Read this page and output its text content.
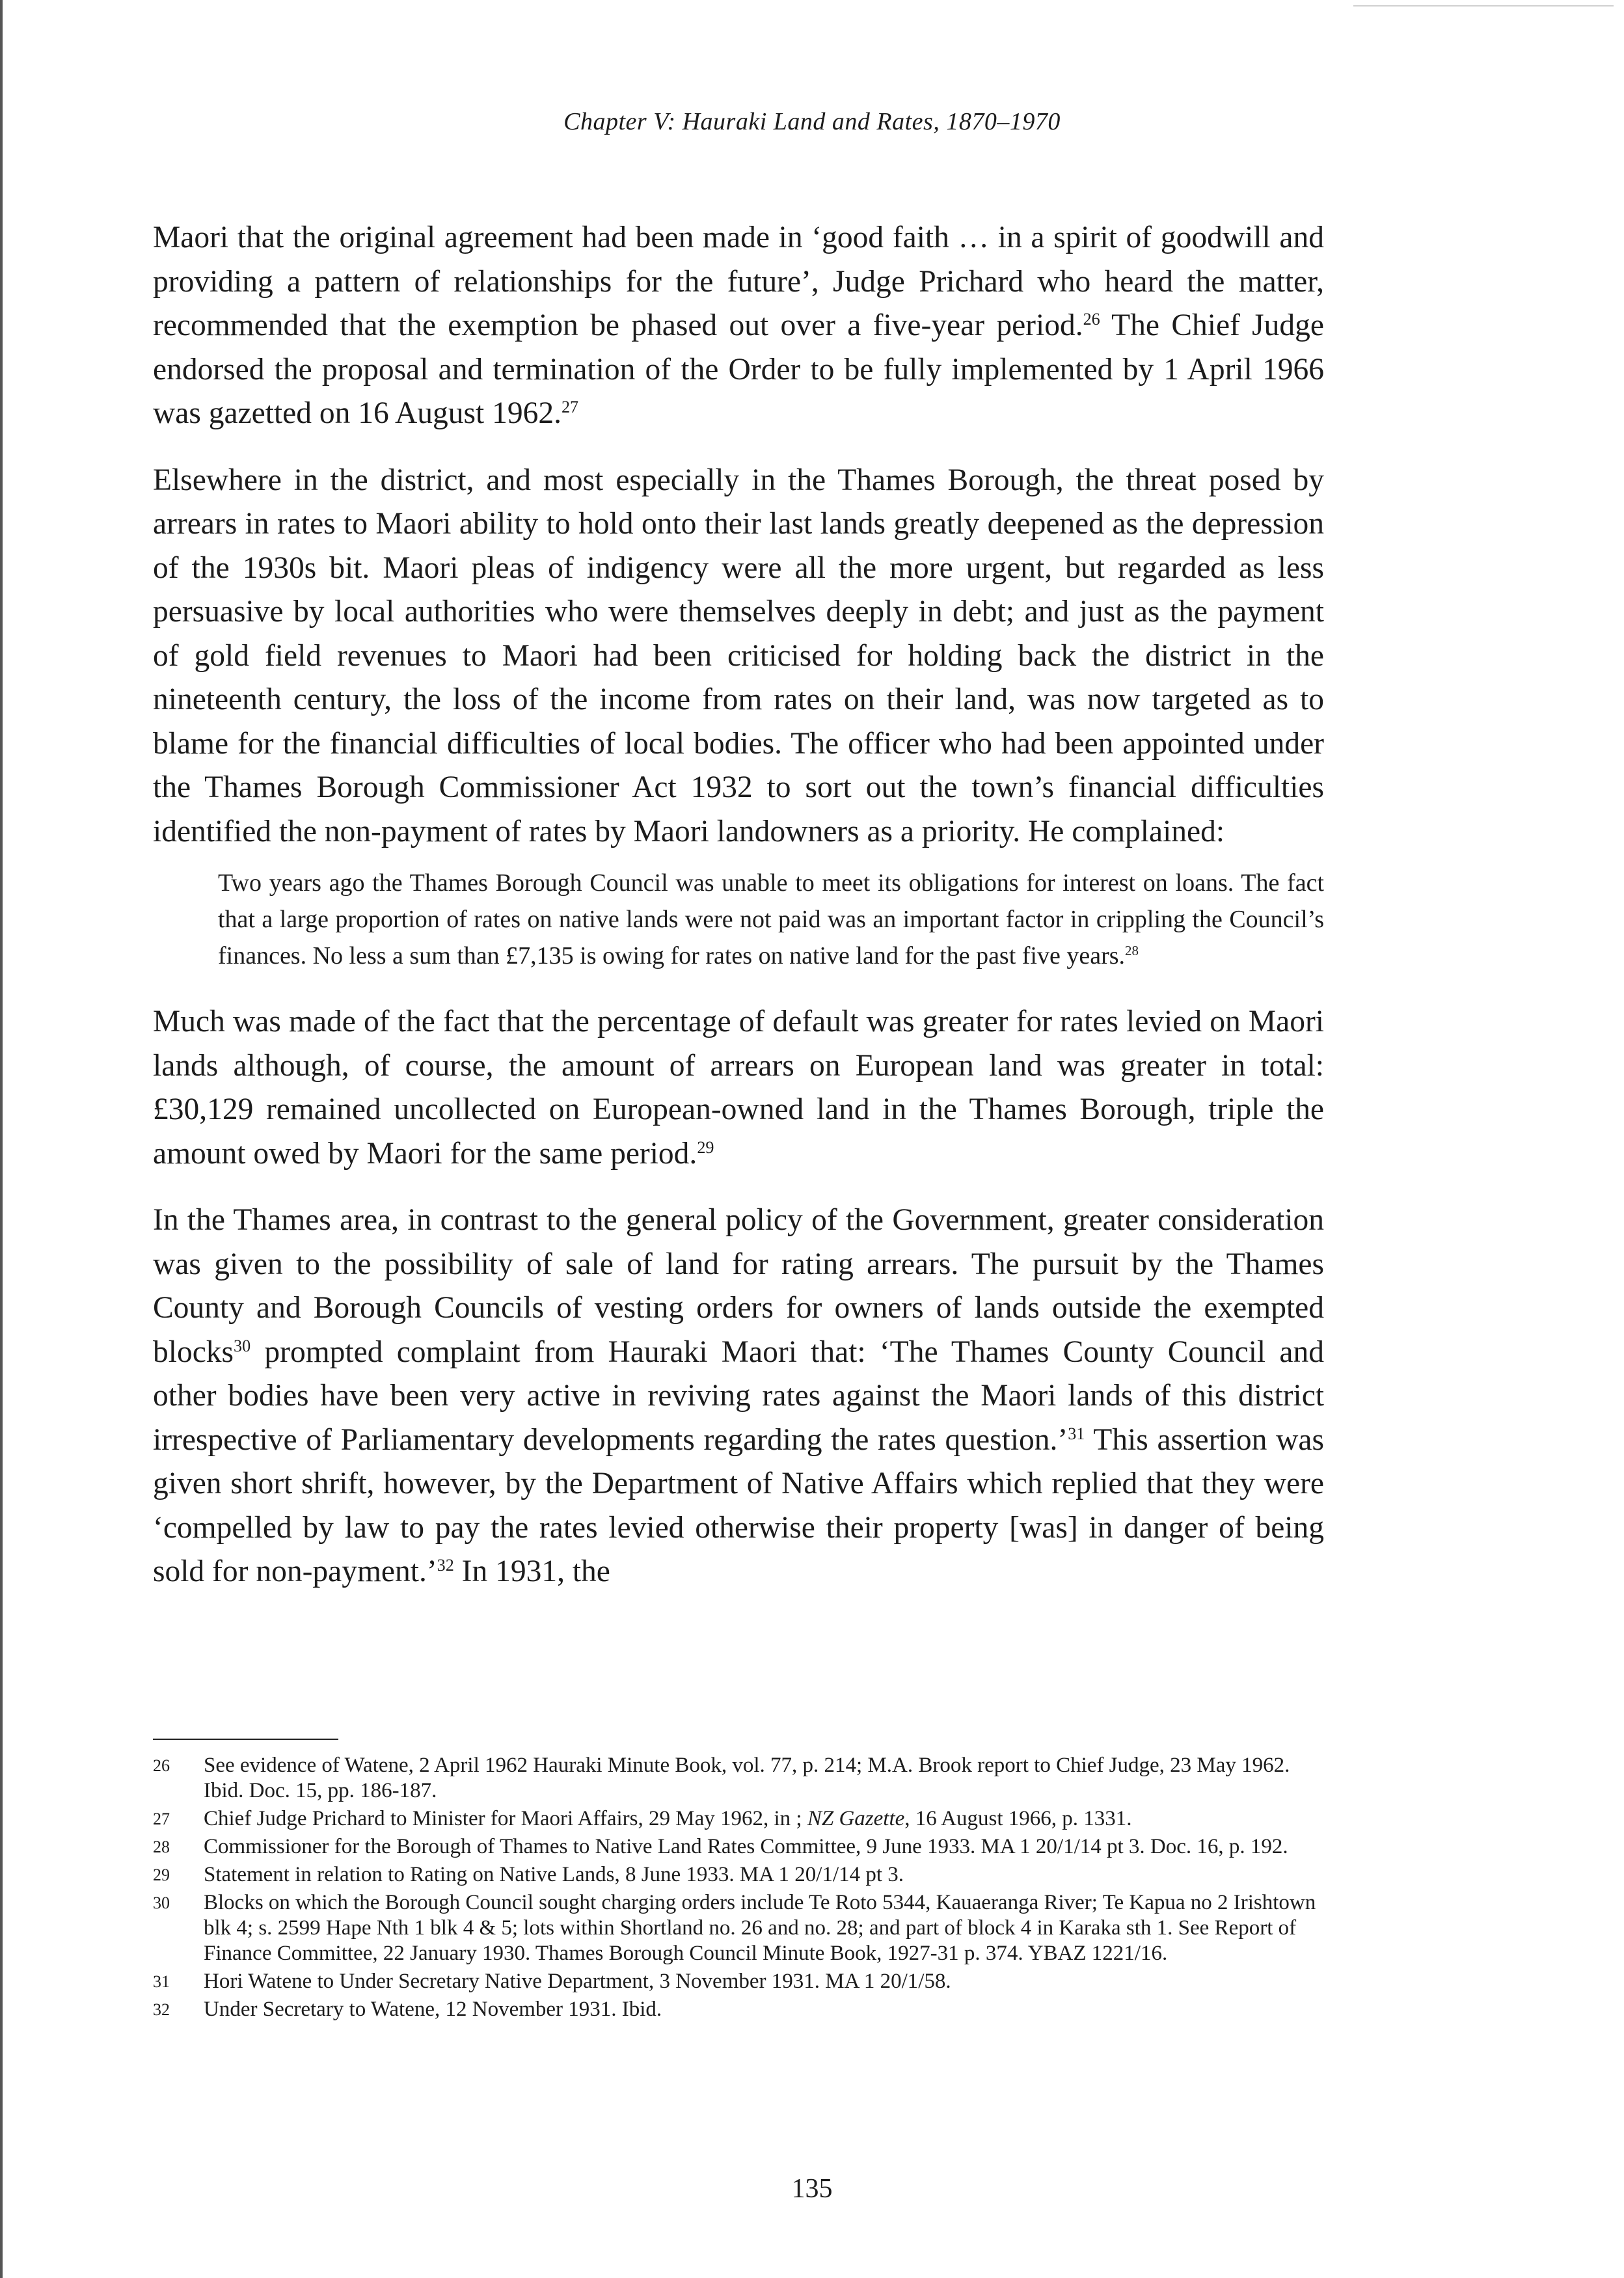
Chapter V: Hauraki Land and Rates, 1870–1970

Maori that the original agreement had been made in ‘good faith … in a spirit of goodwill and providing a pattern of relationships for the future’, Judge Prichard who heard the matter, recommended that the exemption be phased out over a five-year period.$^{26}$ The Chief Judge endorsed the proposal and termination of the Order to be fully implemented by 1 April 1966 was gazetted on 16 August 1962.27

Elsewhere in the district, and most especially in the Thames Borough, the threat posed by arrears in rates to Maori ability to hold onto their last lands greatly deepened as the depression of the 1930s bit. Maori pleas of indigency were all the more urgent, but regarded as less persuasive by local authorities who were themselves deeply in debt; and just as the payment of gold field revenues to Maori had been criticised for holding back the district in the nineteenth century, the loss of the income from rates on their land, was now targeted as to blame for the financial difficulties of local bodies. The officer who had been appointed under the Thames Borough Commissioner Act 1932 to sort out the town’s financial difficulties identified the non-payment of rates by Maori landowners as a priority. He complained:

Two years ago the Thames Borough Council was unable to meet its obligations for interest on loans. The fact that a large proportion of rates on native lands were not paid was an important factor in crippling the Council’s finances. No less a sum than £7,135 is owing for rates on native land for the past five years.$^{28}$

Much was made of the fact that the percentage of default was greater for rates levied on Maori lands although, of course, the amount of arrears on European land was greater in total: £30,129 remained uncollected on European-owned land in the Thames Borough, triple the amount owed by Maori for the same period.$^{29}$

In the Thames area, in contrast to the general policy of the Government, greater consideration was given to the possibility of sale of land for rating arrears. The pursuit by the Thames County and Borough Councils of vesting orders for owners of lands outside the exempted blocks$^{30}$ prompted complaint from Hauraki Maori that: ‘The Thames County Council and other bodies have been very active in reviving rates against the Maori lands of this district irrespective of Parliamentary developments regarding the rates question.’$^{31}$ This assertion was given short shrift, however, by the Department of Native Affairs which replied that they were ‘compelled by law to pay the rates levied otherwise their property [was] in danger of being sold for non-payment.’$^{32}$ In 1931, the

26	See evidence of Watene, 2 April 1962 Hauraki Minute Book, vol. 77, p. 214; M.A. Brook report to Chief Judge, 23 May 1962. Ibid. Doc. 15, pp. 186-187.
27	Chief Judge Prichard to Minister for Maori Affairs, 29 May 1962, in ; NZ Gazette, 16 August 1966, p. 1331.
28	Commissioner for the Borough of Thames to Native Land Rates Committee, 9 June 1933. MA 1 20/1/14 pt 3. Doc. 16, p. 192.
29	Statement in relation to Rating on Native Lands, 8 June 1933. MA 1 20/1/14 pt 3.
30	Blocks on which the Borough Council sought charging orders include Te Roto 5344, Kauaeranga River; Te Kapua no 2 Irishtown blk 4; s. 2599 Hape Nth 1 blk 4 & 5; lots within Shortland no. 26 and no. 28; and part of block 4 in Karaka sth 1. See Report of Finance Committee, 22 January 1930. Thames Borough Council Minute Book, 1927-31 p. 374. YBAZ 1221/16.
31	Hori Watene to Under Secretary Native Department, 3 November 1931. MA 1 20/1/58.
32	Under Secretary to Watene, 12 November 1931. Ibid.
135
